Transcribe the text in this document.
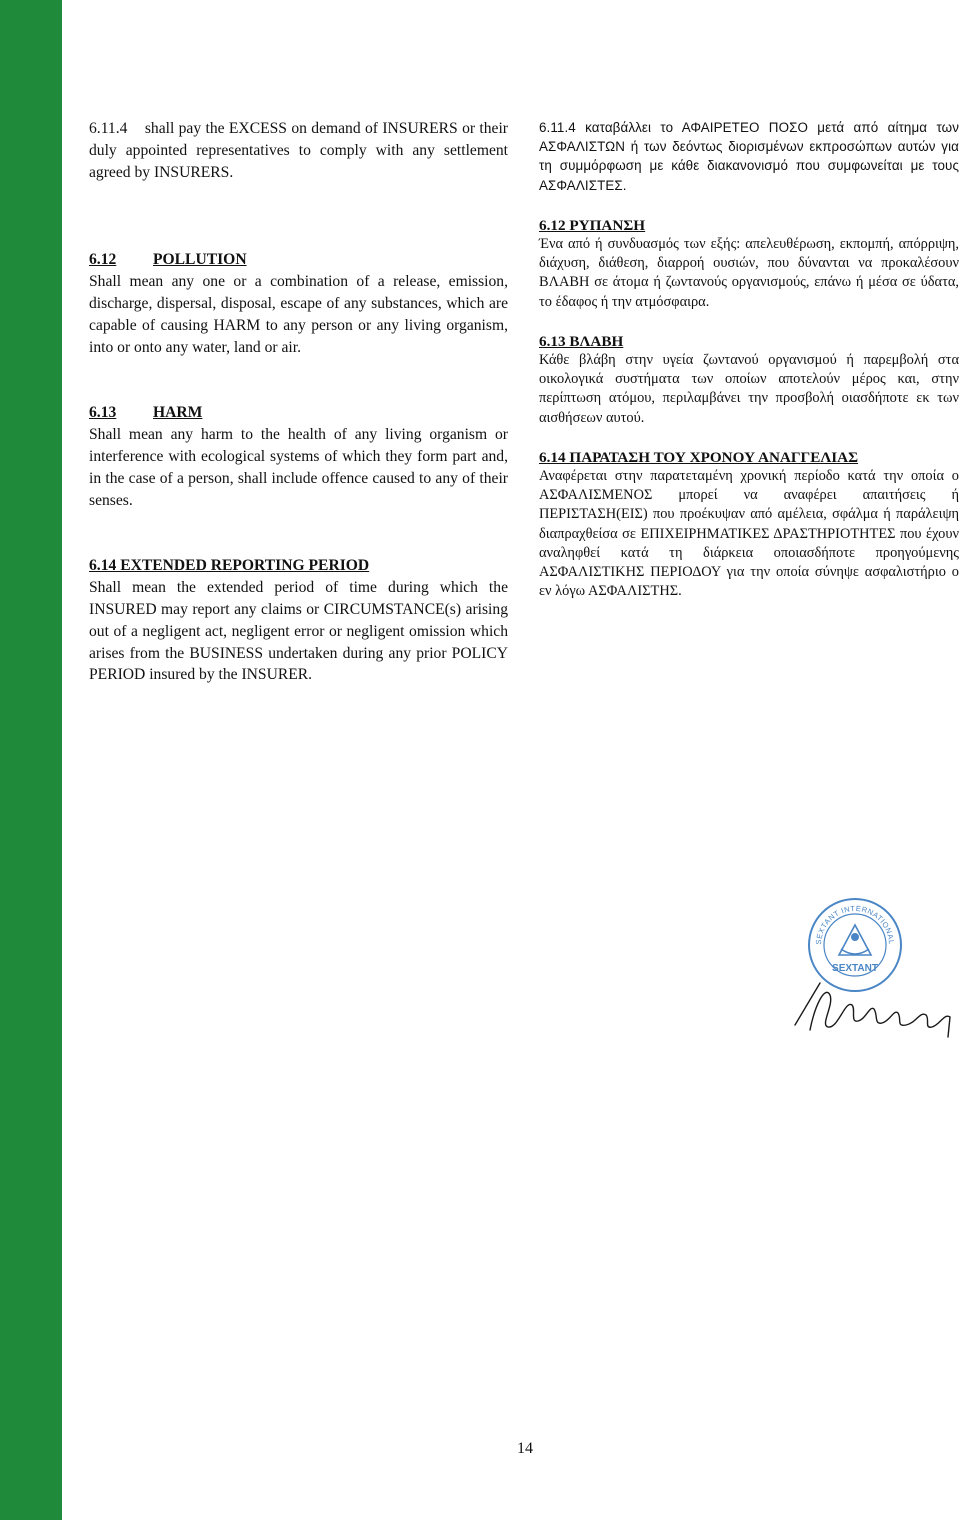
6.11.4    shall pay the EXCESS on demand of INSURERS or their duly appointed representatives to comply with any settlement agreed by INSURERS.

6.12 POLLUTION

Shall mean any one or a combination of a release, emission, discharge, dispersal, disposal, escape of any substances, which are capable of causing HARM to any person or any living organism, into or onto any water, land or air.

6.13 HARM

Shall mean any harm to the health of any living organism or interference with ecological systems of which they form part and, in the case of a person, shall include offence caused to any of their senses.

6.14 EXTENDED REPORTING PERIOD

Shall mean the extended period of time during which the INSURED may report any claims or CIRCUMSTANCE(s) arising out of a negligent act, negligent error or negligent omission which arises from the BUSINESS undertaken during any prior POLICY PERIOD insured by the INSURER.

6.11.4 καταβάλλει το ΑΦΑΙΡΕΤΕΟ ΠΟΣΟ μετά από αίτημα των ΑΣΦΑΛΙΣΤΩΝ ή των δεόντως διορισμένων εκπροσώπων αυτών για τη συμμόρφωση με κάθε διακανονισμό που συμφωνείται με τους ΑΣΦΑΛΙΣΤΕΣ.

6.12 ΡΥΠΑΝΣΗ

Ένα από ή συνδυασμός των εξής: απελευθέρωση, εκπομπή, απόρριψη, διάχυση, διάθεση, διαρροή ουσιών, που δύνανται να προκαλέσουν ΒΛΑΒΗ σε άτομα ή ζωντανούς οργανισμούς, επάνω ή μέσα σε ύδατα, το έδαφος ή την ατμόσφαιρα.

6.13 ΒΛΑΒΗ

Κάθε βλάβη στην υγεία ζωντανού οργανισμού ή παρεμβολή στα οικολογικά συστήματα των οποίων αποτελούν μέρος και, στην περίπτωση ατόμου, περιλαμβάνει την προσβολή οιασδήποτε εκ των αισθήσεων αυτού.

6.14 ΠΑΡΑΤΑΣΗ ΤΟΥ ΧΡΟΝΟΥ ΑΝΑΓΓΕΛΙΑΣ

Αναφέρεται στην παρατεταμένη χρονική περίοδο κατά την οποία ο ΑΣΦΑΛΙΣΜΕΝΟΣ μπορεί να αναφέρει απαιτήσεις ή ΠΕΡΙΣΤΑΣΗ(ΕΙΣ) που προέκυψαν από αμέλεια, σφάλμα ή παράλειψη διαπραχθείσα σε ΕΠΙΧΕΙΡΗΜΑΤΙΚΕΣ ΔΡΑΣΤΗΡΙΟΤΗΤΕΣ που έχουν αναληφθεί κατά τη διάρκεια οποιασδήποτε προηγούμενης ΑΣΦΑΛΙΣΤΙΚΗΣ ΠΕΡΙΟΔΟΥ για την οποία σύνηψε ασφαλιστήριο ο εν λόγω ΑΣΦΑΛΙΣΤΗΣ.

SEXTANT INTERNATIONAL
SEXTANT
14
